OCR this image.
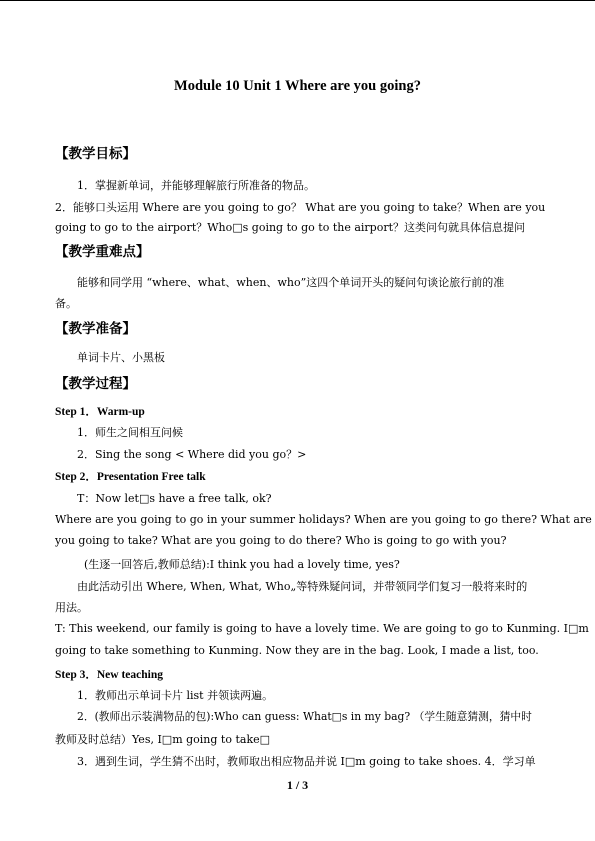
Module 10 Unit 1 Where are you going?
【教学目标】
1．掌握新单词，并能够理解旅行所准备的物品。
2．能够口头运用 Where are you going to go？ What are you going to take？When are you
going to go to the airport？Who□s going to go to the airport？这类问句就具体信息提问
【教学重难点】
能够和同学用 “where、what、when、who”这四个单词开头的疑问句谈论旅行前的准
备。
【教学准备】
单词卡片、小黑板
【教学过程】
Step 1．Warm-up
1．师生之间相互问候
2．Sing the song < Where did you go？>
Step 2．Presentation Free talk
T：Now let□s have a free talk, ok?
Where are you going to go in your summer holidays? When are you going to go there? What are
you going to take? What are you going to do there? Who is going to go with you?
(生逐一回答后,教师总结):I think you had a lovely time, yes?
由此活动引出 Where, When, What, Who„等特殊疑问词，并带领同学们复习一般将来时的
用法。
T: This weekend, our family is going to have a lovely time. We are going to go to Kunming. I□m
going to take something to Kunming. Now they are in the bag. Look, I made a list, too.
Step 3．New teaching
1．教师出示单词卡片 list 并领读两遍。
2．(教师出示装满物品的包):Who can guess: What□s in my bag? （学生随意猜测，猜中时
教师及时总结）Yes, I□m going to take□
3．遇到生词，学生猜不出时，教师取出相应物品并说 I□m going to take shoes. 4．学习单
1 / 3
